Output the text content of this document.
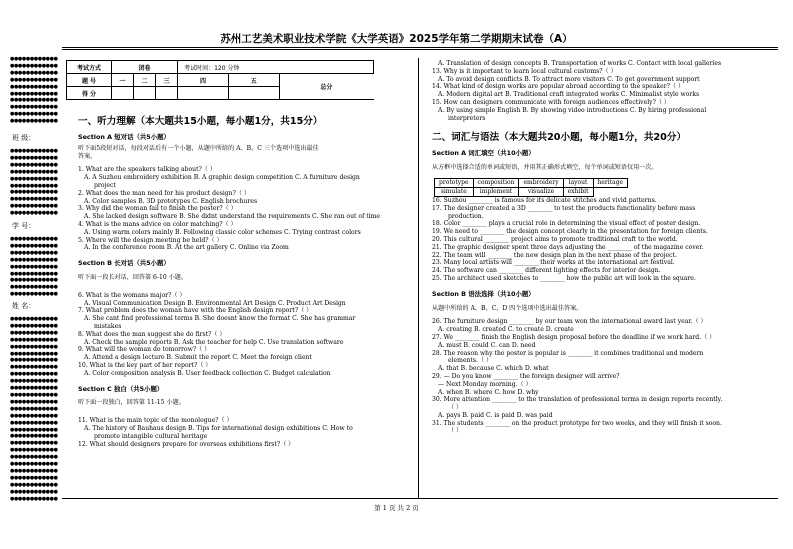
苏州工艺美术职业技术学院《大学英语》2025学年第二学期期末试卷（A）
●●●●●●●●●●●●
●●●●●●●●●●●●
●●●●●●●●●●●●
●●●●●●●●●●●●
●●●●●●●●●●●●
●●●●●●●●●●●●
●●●●●●●●●●●●
●●●●●●●●●●●●
●●●●●●●●●●●●
●●●●●●●●●●●●
班 级：
●●●●●●●●●●●●
●●●●●●●●●●●●
●●●●●●●●●●●●
●●●●●●●●●●●●
●●●●●●●●●●●●
●●●●●●●●●●●●
●●●●●●●●●●●●
●●●●●●●●●●●●
●●●●●●●●●●●●
●●●●●●●●●●●●
学 号：
●●●●●●●●●●●●
●●●●●●●●●●●●
●●●●●●●●●●●●
●●●●●●●●●●●●
●●●●●●●●●●●●
●●●●●●●●●●●●
●●●●●●●●●●●●
●●●●●●●●●●●●
●●●●●●●●●●●●
姓 名：
●●●●●●●●●●●●
●●●●●●●●●●●●
●●●●●●●●●●●●
●●●●●●●●●●●●
●●●●●●●●●●●●
●●●●●●●●●●●●
●●●●●●●●●●●●
●●●●●●●●●●●●
●●●●●●●●●●●●
●●●●●●●●●●●●
●●●●●●●●●●●●
●●●●●●●●●●●●
●●●●●●●●●●●●
●●●●●●●●●●●●
●●●●●●●●●●●●
●●●●●●●●●●●●
●●●●●●●●●●●●
●●●●●●●●●●●●
●●●●●●●●●●●●
●●●●●●●●●●●●
●●●●●●●●●●●●
●●●●●●●●●●●●
●●●●●●●●●●●●
●●●●●●●●●●●●
●●●●●●●●●●●●
●●●●●●●●●●●●
●●●●●●●●●●●●
考试方式	闭卷			考试时间：120 分钟		
题 号	一	二	三	四	五	总分
得 分						
一、听力理解（本大题共15小题，每小题1分，共15分）
Section A 短对话（共5小题）
听下面5段短对话，每段对话后有一个小题，从题中所给的 A、B、C 三个选项中选出最佳
答案。
1. What are the speakers talking about?（ ）
A. A Suzhou embroidery exhibition B. A graphic design competition C. A furniture design
project
2. What does the man need for his product design?（ ）
A. Color samples B. 3D prototypes C. English brochures
3. Why did the woman fail to finish the poster?（ ）
A. She lacked design software B. She didnt understand the requirements C. She ran out of time
4. What is the mans advice on color matching?（ ）
A. Using warm colors mainly B. Following classic color schemes C. Trying contrast colors
5. Where will the design meeting be held?（ ）
A. In the conference room B. At the art gallery C. Online via Zoom
Section B 长对话（共5小题）
听下面一段长对话，回答第 6-10 小题。
6. What is the womans major?（ ）
A. Visual Communication Design B. Environmental Art Design C. Product Art Design
7. What problem does the woman have with the English design report?（ ）
A. She cant find professional terms B. She doesnt know the format C. She has grammar
mistakes
8. What does the man suggest she do first?（ ）
A. Check the sample reports B. Ask the teacher for help C. Use translation software
9. What will the woman do tomorrow?（ ）
A. Attend a design lecture B. Submit the report C. Meet the foreign client
10. What is the key part of her report?（ ）
A. Color composition analysis B. User feedback collection C. Budget calculation
Section C 独白（共5小题）
听下面一段独白，回答第 11-15 小题。
11. What is the main topic of the monologue?（ ）
A. The history of Bauhaus design B. Tips for international design exhibitions C. How to
promote intangible cultural heritage
12. What should designers prepare for overseas exhibitions first?（ ）
A. Translation of design concepts B. Transportation of works C. Contact with local galleries
13. Why is it important to learn local cultural customs?（ ）
A. To avoid design conflicts B. To attract more visitors C. To get government support
14. What kind of design works are popular abroad according to the speaker?（ ）
A. Modern digital art B. Traditional craft integrated works C. Minimalist style works
15. How can designers communicate with foreign audiences effectively?（ ）
A. By using simple English B. By showing video introductions C. By hiring professional
interpreters
二、词汇与语法（本大题共20小题，每小题1分，共20分）
Section A 词汇填空（共10小题）
从方框中选择合适的单词或短语，并用其正确形式填空，每个单词或短语仅用一次。
prototype	composition	embroidery	layout	heritage
simulate	implement	visualize	exhibit	
16. Suzhou ________ is famous for its delicate stitches and vivid patterns.
17. The designer created a 3D ________ to test the products functionality before mass
production.
18. Color ________ plays a crucial role in determining the visual effect of poster design.
19. We need to ________ the design concept clearly in the presentation for foreign clients.
20. This cultural ________ project aims to promote traditional craft to the world.
21. The graphic designer spent three days adjusting the ________ of the magazine cover.
22. The team will ________ the new design plan in the next phase of the project.
23. Many local artists will ________ their works at the international art festival.
24. The software can ________ different lighting effects for interior design.
25. The architect used sketches to ________ how the public art will look in the square.
Section B 语法选择（共10小题）
从题中所给的 A、B、C、D 四个选项中选出最佳答案。
26. The furniture design ________ by our team won the international award last year.（ ）
A. creating B. created C. to create D. create
27. We ________ finish the English design proposal before the deadline if we work hard.（ ）
A. must B. could C. can D. need
28. The reason why the poster is popular is ________ it combines traditional and modern
elements.（ ）
A. that B. because C. which D. what
29. — Do you know ________ the foreign designer will arrive?
— Next Monday morning.（ ）
A. when B. where C. how D. why
30. More attention ________ to the translation of professional terms in design reports recently.
（ ）
A. pays B. paid C. is paid D. was paid
31. The students ________ on the product prototype for two weeks, and they will finish it soon.
（ ）
第 1 页 共 2 页
